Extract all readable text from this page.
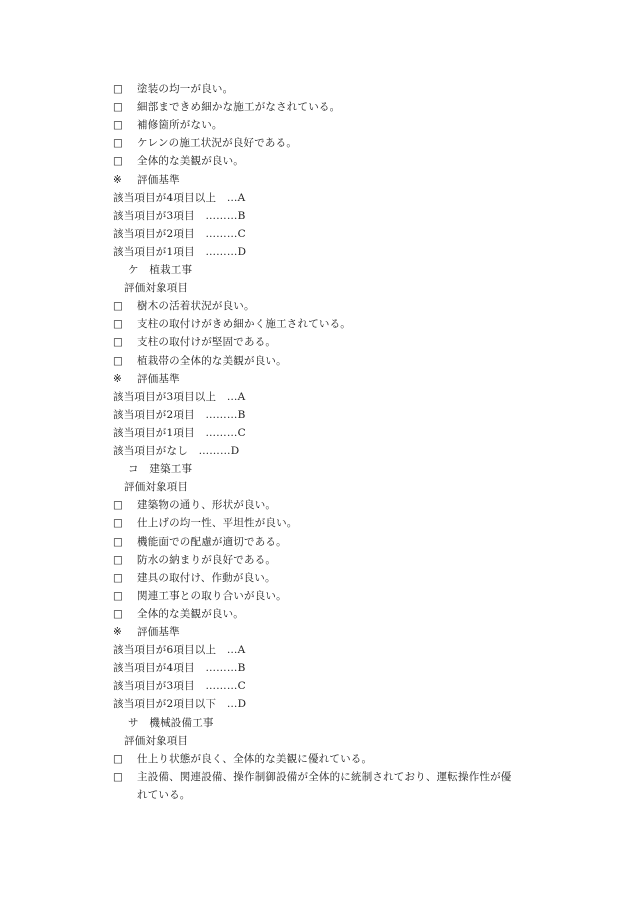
□ 塗装の均一が良い。
□ 細部まできめ細かな施工がなされている。
□ 補修箇所がない。
□ ケレンの施工状況が良好である。
□ 全体的な美観が良い。
※ 評価基準
該当項目が4項目以上　…A
該当項目が3項目　………B
該当項目が2項目　………C
該当項目が1項目　………D
ケ　植栽工事
評価対象項目
□ 樹木の活着状況が良い。
□ 支柱の取付けがきめ細かく施工されている。
□ 支柱の取付けが堅固である。
□ 植栽帯の全体的な美観が良い。
※ 評価基準
該当項目が3項目以上　…A
該当項目が2項目　………B
該当項目が1項目　………C
該当項目がなし　………D
コ　建築工事
評価対象項目
□ 建築物の通り、形状が良い。
□ 仕上げの均一性、平坦性が良い。
□ 機能面での配慮が適切である。
□ 防水の納まりが良好である。
□ 建具の取付け、作動が良い。
□ 関連工事との取り合いが良い。
□ 全体的な美観が良い。
※ 評価基準
該当項目が6項目以上　…A
該当項目が4項目　………B
該当項目が3項目　………C
該当項目が2項目以下　…D
サ　機械設備工事
評価対象項目
□ 仕上り状態が良く、全体的な美観に優れている。
□ 主設備、関連設備、操作制御設備が全体的に統制されており、運転操作性が優
れている。
